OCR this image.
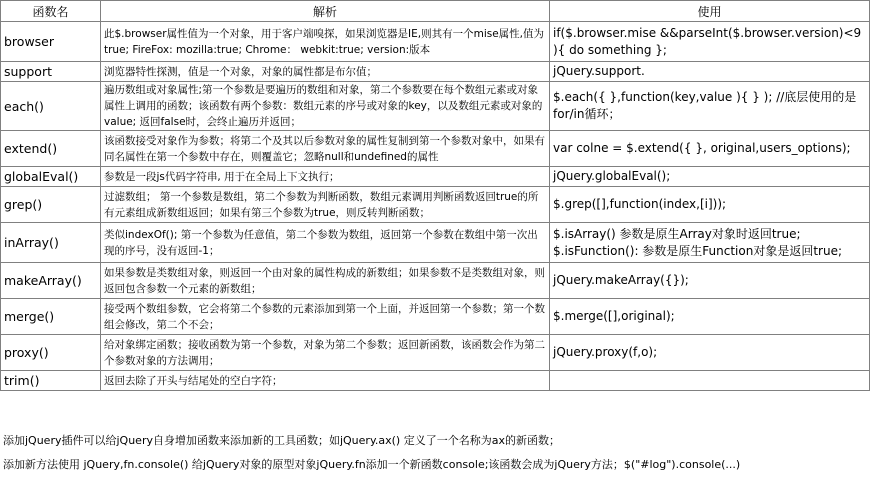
函数名	解析	使用
browser	此$.browser属性值为一个对象，用于客户端嗅探，如果浏览器是IE,则其有一个mise属性,值为true; FireFox: mozilla:true; Chrome： webkit:true; version:版本	if($.browser.mise &&parseInt($.browser.version)<9 ){ do something };
support	浏览器特性探测，值是一个对象，对象的属性都是布尔值；	jQuery.support.
each()	遍历数组或对象属性;第一个参数是要遍历的数组和对象，第二个参数要在每个数组元素或对象属性上调用的函数；该函数有两个参数：数组元素的序号或对象的key，以及数组元素或对象的value; 返回false时，会终止遍历并返回；	$.each({ },function(key,value ){ } ); //底层使用的是for/in循环；
extend()	该函数接受对象作为参数；将第二个及其以后参数对象的属性复制到第一个参数对象中，如果有同名属性在第一个参数中存在，则覆盖它；忽略null和undefined的属性	var colne = $.extend({ }, original,users_options);
globalEval()	参数是一段js代码字符串, 用于在全局上下文执行；	jQuery.globalEval();
grep()	过滤数组； 第一个参数是数组，第二个参数为判断函数，数组元素调用判断函数返回true的所有元素组成新数组返回；如果有第三个参数为true，则反转判断函数；	$.grep([],function(index,[i]));
inArray()	类似indexOf(); 第一个参数为任意值，第二个参数为数组，返回第一个参数在数组中第一次出现的序号，没有返回-1；	$.isArray() 参数是原生Array对象时返回true; $.isFunction(): 参数是原生Function对象是返回true;
makeArray()	如果参数是类数组对象，则返回一个由对象的属性构成的新数组；如果参数不是类数组对象，则返回包含参数一个元素的新数组；	jQuery.makeArray({});
merge()	接受两个数组参数，它会将第二个参数的元素添加到第一个上面，并返回第一个参数；第一个数组会修改，第二个不会；	$.merge([],original);
proxy()	给对象绑定函数；接收函数为第一个参数，对象为第二个参数；返回新函数，该函数会作为第二个参数对象的方法调用；	jQuery.proxy(f,o);
trim()	返回去除了开头与结尾处的空白字符；	
添加jQuery插件可以给jQuery自身增加函数来添加新的工具函数；如jQuery.ax() 定义了一个名称为ax的新函数；
添加新方法使用 jQuery,fn.console() 给jQuery对象的原型对象jQuery.fn添加一个新函数console;该函数会成为jQuery方法；$("#log").console(...)
